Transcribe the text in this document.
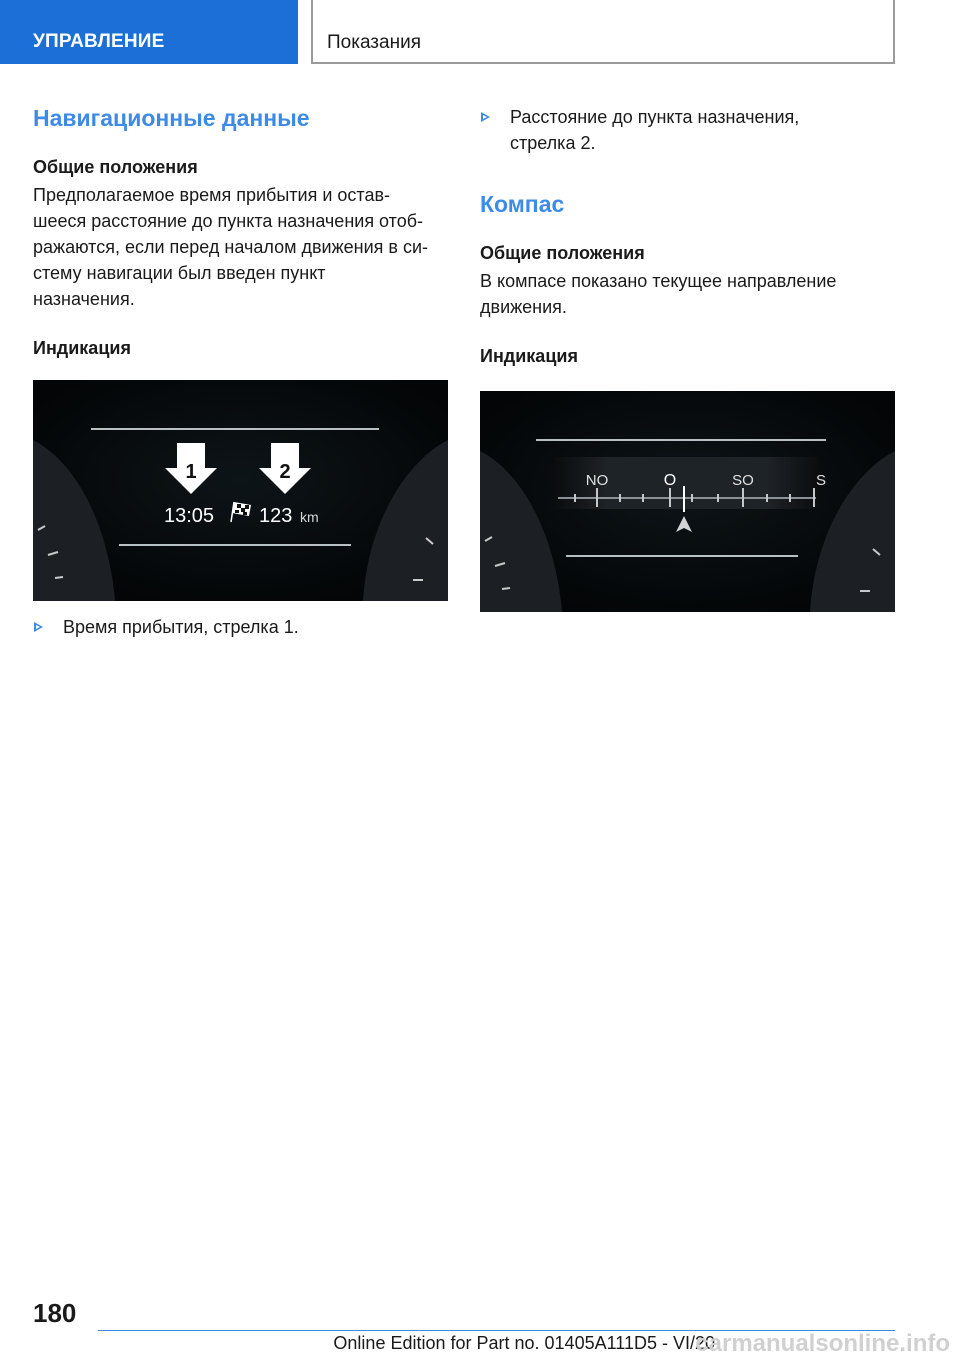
УПРАВЛЕНИЕ	Показания
Навигационные данные
Общие положения

Предполагаемое время прибытия и остав-

шееся расстояние до пункта назначения отоб-

ражаются, если перед началом движения в си-

стему навигации был введен пункт

назначения.

Индикация
1	2
13:05 123 km
Время прибытия, стрелка 1.
Расстояние до пункта назначения,
стрелка 2.
Компас
Общие положения

В компасе показано текущее направление

движения.

Индикация
NO	O	SO	S
180
Online Edition for Part no. 01405A111D5 - VI/20
carmanualsonline.info
